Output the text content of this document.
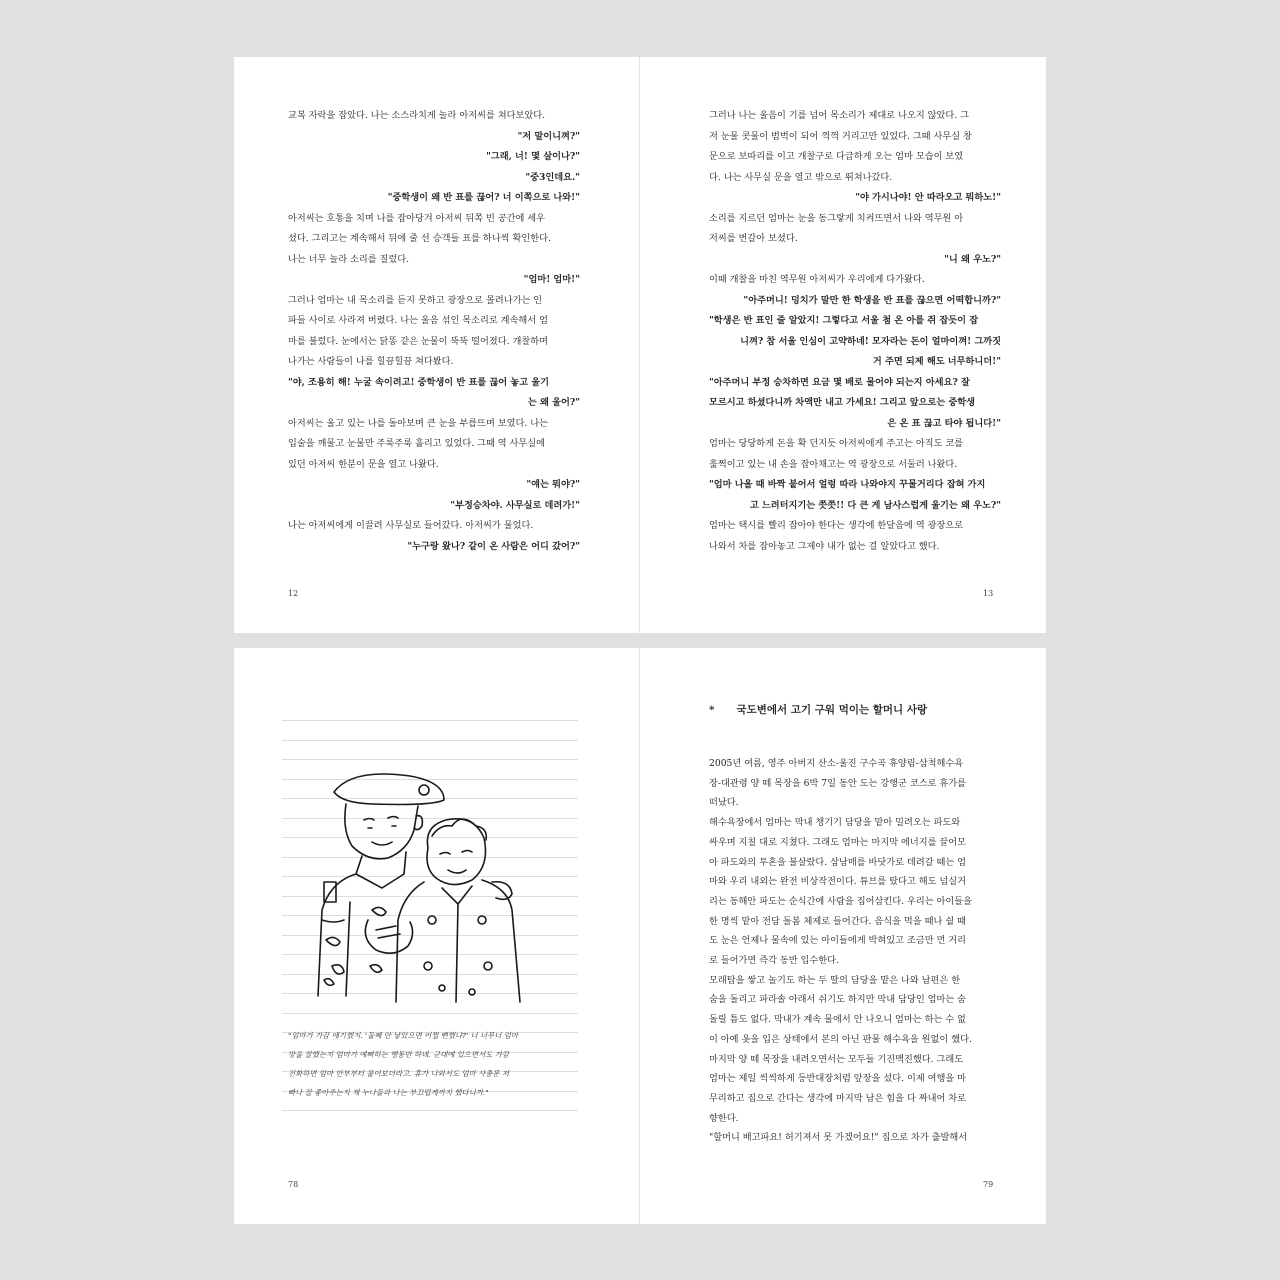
교복 자락을 잡았다. 나는 소스라치게 놀라 아저씨를 쳐다보았다.
"저 말이니껴?"
"그래, 너! 몇 살이나?"
"중3인데요."
"중학생이 왜 반 표를 끊어? 너 이쪽으로 나와!"
아저씨는 호통을 치며 나를 잡아당겨 아저씨 뒤쪽 빈 공간에 세우
셨다. 그리고는 계속해서 뒤에 줄 선 승객들 표를 하나씩 확인한다.
나는 너무 놀라 소리를 질렀다.
"엄마! 엄마!"
그러나 엄마는 내 목소리를 듣지 못하고 광장으로 몰려나가는 인
파들 사이로 사라져 버렸다. 나는 울음 섞인 목소리로 계속해서 엄
마를 불렀다. 눈에서는 닭똥 같은 눈물이 뚝뚝 떨어졌다. 개찰하며
나가는 사람들이 나를 힐끔힐끔 쳐다봤다.
"야, 조용히 해! 누굴 속이려고! 중학생이 반 표를 끊어 놓고 울기
는 왜 울어?"
아저씨는 울고 있는 나를 돌아보며 큰 눈을 부릅뜨며 보였다. 나는
입술을 깨물고 눈물만 주룩주룩 흘리고 있었다. 그때 역 사무실에
있던 아저씨 한분이 문을 열고 나왔다.
"얘는 뭐야?"
"부정승차야. 사무실로 데려가!"
나는 아저씨에게 이끌려 사무실로 들어갔다. 아저씨가 물었다.
"누구랑 왔나? 같이 온 사람은 어디 갔어?"
12
그러나 나는 울음이 기를 넘어 목소리가 제대로 나오지 않았다. 그
저 눈물 콧물이 범벅이 되어 꺽꺽 거리고만 있었다. 그때 사무실 창
문으로 보따리를 이고 개찰구로 다급하게 오는 엄마 모습이 보였
다. 나는 사무실 문을 열고 밖으로 뛰쳐나갔다.
"야 가시나야! 안 따라오고 뭐하노!"
소리를 지르던 엄마는 눈을 동그랗게 치켜뜨면서 나와 역무원 아
저씨를 번갈아 보셨다.
"니 왜 우노?"
이때 개찰을 마친 역무원 아저씨가 우리에게 다가왔다.
"아주머니! 덩치가 말만 한 학생을 반 표를 끊으면 어떡합니까?"
"학생은 반 표인 줄 알았지! 그렇다고 서울 첨 온 아를 쥐 잡듯이 잡
니껴? 참 서울 인심이 고약하네! 모자라는 돈이 얼마이껴! 그까짓
거 주면 되제 해도 너무하니더!"
"아주머니 부정 승차하면 요금 몇 배로 물어야 되는지 아세요? 잘
모르시고 하셨다니까 차액만 내고 가세요! 그리고 앞으로는 중학생
은 온 표 끊고 타야 됩니다!"
엄마는 당당하게 돈을 확 던지듯 아저씨에게 주고는 아직도 코를
훌쩍이고 있는 내 손을 잡아채고는 역 광장으로 서둘러 나왔다.
"엄마 나올 때 바짝 붙어서 얼렁 따라 나와야지 꾸물거리다 잡혀 가지
고 느려터지기는 쯧쯧!! 다 큰 게 남사스럽게 울기는 왜 우노?"
엄마는 택시를 빨리 잡아야 한다는 생각에 한달음에 역 광장으로
나와서 차를 잡아놓고 그제야 내가 없는 걸 알았다고 했다.
13
"엄마가 가끔 얘기했지. '둘째 안 낳았으면 어쩔 뻔했냐?' 너 너무너 엄마
방을 잘했는지 엄마가 예뻐하는 행동만 하네. 군대에 있으면서도 가끔
전화하면 엄마 안부부터 물어보더라고. 휴가 나와서도 엄마 사충문 저
빠나 잘 좋아주는지 제 누나들과 나는 부끄럽게까지 했다니까."
78
* 국도변에서 고기 구워 먹이는 할머니 사랑
2005년 여름, 영주 아버지 산소-울진 구수곡 휴양림-삼척해수욕
장-대관령 양 떼 목장을 6박 7일 동안 도는 강행군 코스로 휴가를
떠났다.
해수욕장에서 엄마는 막내 챙기기 담당을 맡아 밀려오는 파도와
싸우며 지칠 대로 지쳤다. 그래도 엄마는 마지막 에너지를 끌어모
아 파도와의 투혼을 불살랐다. 삼남매를 바닷가로 데려갈 때는 엄
마와 우리 내외는 완전 비상작전이다. 튜브를 탔다고 해도 넘실거
리는 동해안 파도는 순식간에 사람을 집어삼킨다. 우리는 아이들을
한 명씩 맡아 전담 돌봄 체제로 들어간다. 음식을 먹을 때나 쉴 때
도 눈은 언제나 물속에 있는 아이들에게 박혀있고 조금만 먼 거리
로 들어가면 즉각 동반 입수한다.
모래탑을 쌓고 놀기도 하는 두 딸의 담당을 맡은 나와 남편은 한
숨을 돌리고 파라솔 아래서 쉬기도 하지만 막내 담당인 엄마는 숨
돌릴 틈도 없다. 막내가 계속 물에서 안 나오니 엄마는 하는 수 없
이 아예 옷을 입은 상태에서 본의 아닌 판물 해수욕을 원없이 했다.
마지막 양 떼 목장을 내려오면서는 모두들 기진맥진했다. 그래도
엄마는 제일 씩씩하게 등반대장처럼 앞장을 섰다. 이제 여행을 마
무리하고 집으로 간다는 생각에 마지막 남은 힘을 다 짜내어 차로
향한다.
"할머니 배고파요! 허기져서 못 가겠어요!" 집으로 차가 출발해서
79
